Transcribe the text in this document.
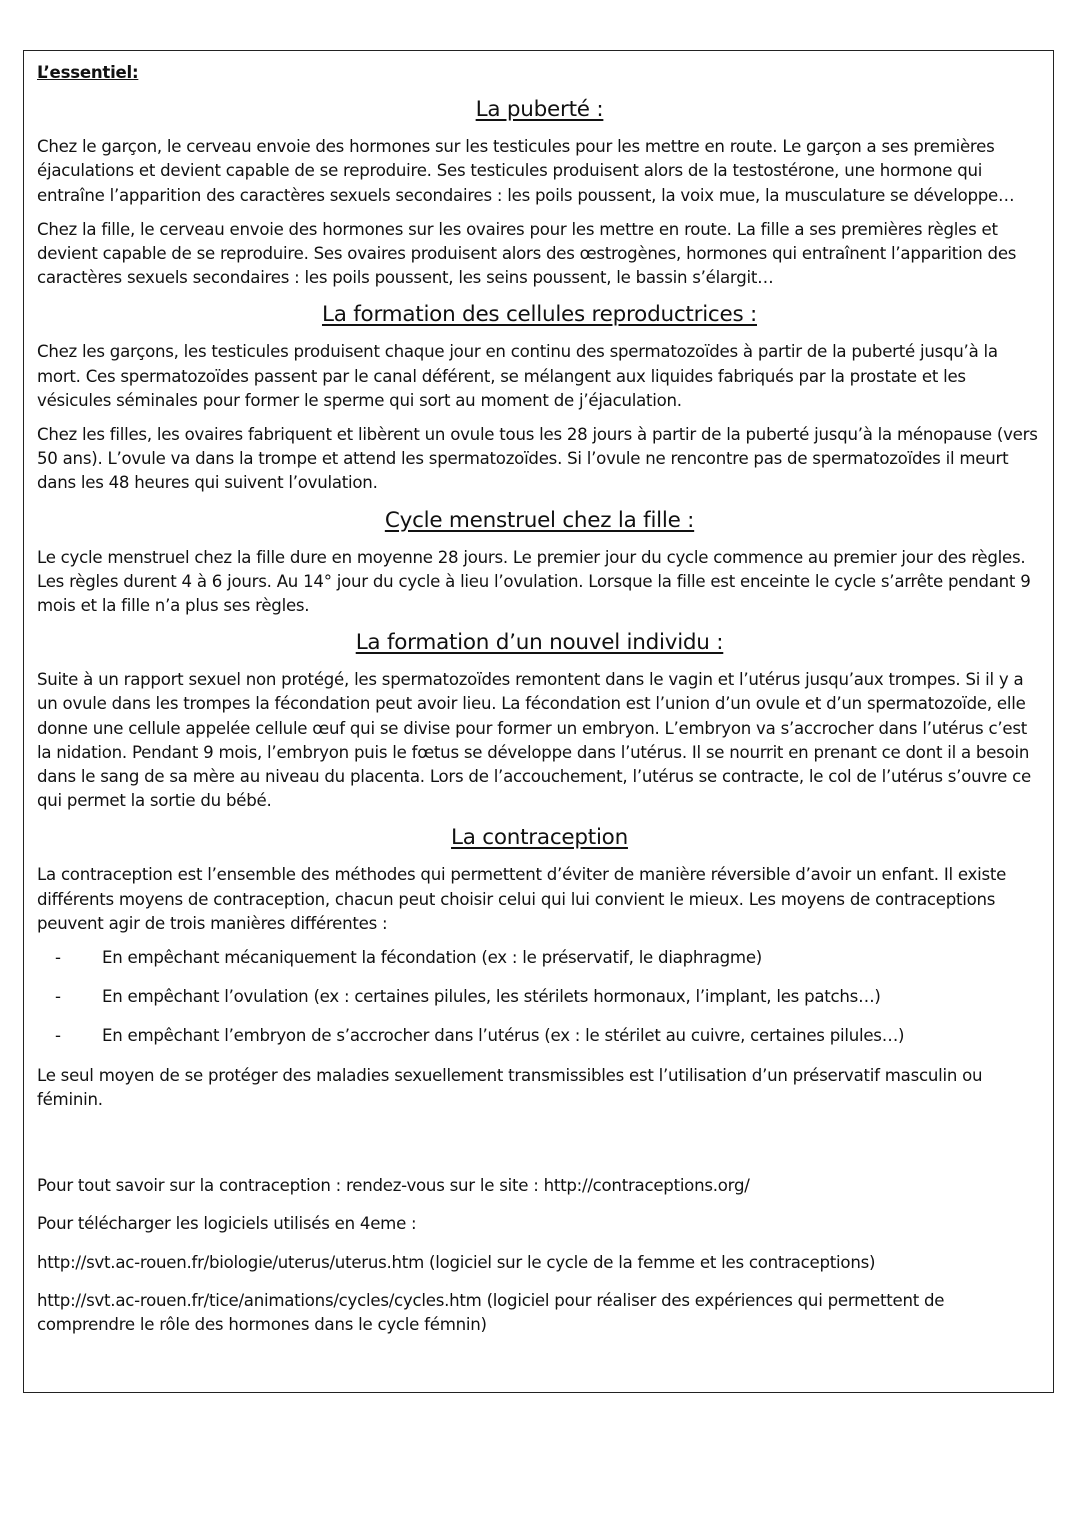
L’essentiel:
La puberté :

Chez le garçon, le cerveau envoie des hormones sur les testicules pour les mettre en route. Le garçon a ses premières éjaculations et devient capable de se reproduire. Ses testicules produisent alors de la testostérone, une hormone qui entraîne l’apparition des caractères sexuels secondaires : les poils poussent, la voix mue, la musculature se développe…

Chez la fille, le cerveau envoie des hormones sur les ovaires pour les mettre en route. La fille a ses premières règles et devient capable de se reproduire. Ses ovaires produisent alors des œstrogènes, hormones qui entraînent l’apparition des caractères sexuels secondaires : les poils poussent, les seins poussent, le bassin s’élargit…

La formation des cellules reproductrices :

Chez les garçons, les testicules produisent chaque jour en continu des spermatozoïdes à partir de la puberté jusqu’à la mort. Ces spermatozoïdes passent par le canal déférent, se mélangent aux liquides fabriqués par la prostate et les vésicules séminales pour former le sperme qui sort au moment de j’éjaculation.

Chez les filles, les ovaires fabriquent et libèrent un ovule tous les 28 jours à partir de la puberté jusqu’à la ménopause (vers 50 ans). L’ovule va dans la trompe et attend les spermatozoïdes. Si l’ovule ne rencontre pas de spermatozoïdes il meurt dans les 48 heures qui suivent l’ovulation.

Cycle menstruel chez la fille :

Le cycle menstruel chez la fille dure en moyenne 28 jours. Le premier jour du cycle commence au premier jour des règles. Les règles durent 4 à 6 jours. Au 14° jour du cycle à lieu l’ovulation. Lorsque la fille est enceinte le cycle s’arrête pendant 9 mois et la fille n’a plus ses règles.

La formation d’un nouvel individu :

Suite à un rapport sexuel non protégé, les spermatozoïdes remontent dans le vagin et l’utérus jusqu’aux trompes. Si il y a un ovule dans les trompes la fécondation peut avoir lieu. La fécondation est l’union d’un ovule et d’un spermatozoïde, elle donne une cellule appelée cellule œuf qui se divise pour former un embryon. L’embryon va s’accrocher dans l’utérus c’est la nidation. Pendant 9 mois, l’embryon puis le fœtus se développe dans l’utérus. Il se nourrit en prenant ce dont il a besoin dans le sang de sa mère au niveau du placenta. Lors de l’accouchement, l’utérus se contracte, le col de l’utérus s’ouvre ce qui permet la sortie du bébé.

La contraception

La contraception est l’ensemble des méthodes qui permettent d’éviter de manière réversible d’avoir un enfant. Il existe différents moyens de contraception, chacun peut choisir celui qui lui convient le mieux. Les moyens de contraceptions peuvent agir de trois manières différentes :

- En empêchant mécaniquement la fécondation (ex : le préservatif, le diaphragme)
- En empêchant l’ovulation (ex : certaines pilules, les stérilets hormonaux, l’implant, les patchs…)
- En empêchant l’embryon de s’accrocher dans l’utérus (ex : le stérilet au cuivre, certaines pilules…)

Le seul moyen de se protéger des maladies sexuellement transmissibles est l’utilisation d’un préservatif masculin ou féminin.

Pour tout savoir sur la contraception : rendez-vous sur le site : http://contraceptions.org/

Pour télécharger les logiciels utilisés en 4eme :

http://svt.ac-rouen.fr/biologie/uterus/uterus.htm (logiciel sur le cycle de la femme et les contraceptions)

http://svt.ac-rouen.fr/tice/animations/cycles/cycles.htm (logiciel pour réaliser des expériences qui permettent de comprendre le rôle des hormones dans le cycle fémnin)
